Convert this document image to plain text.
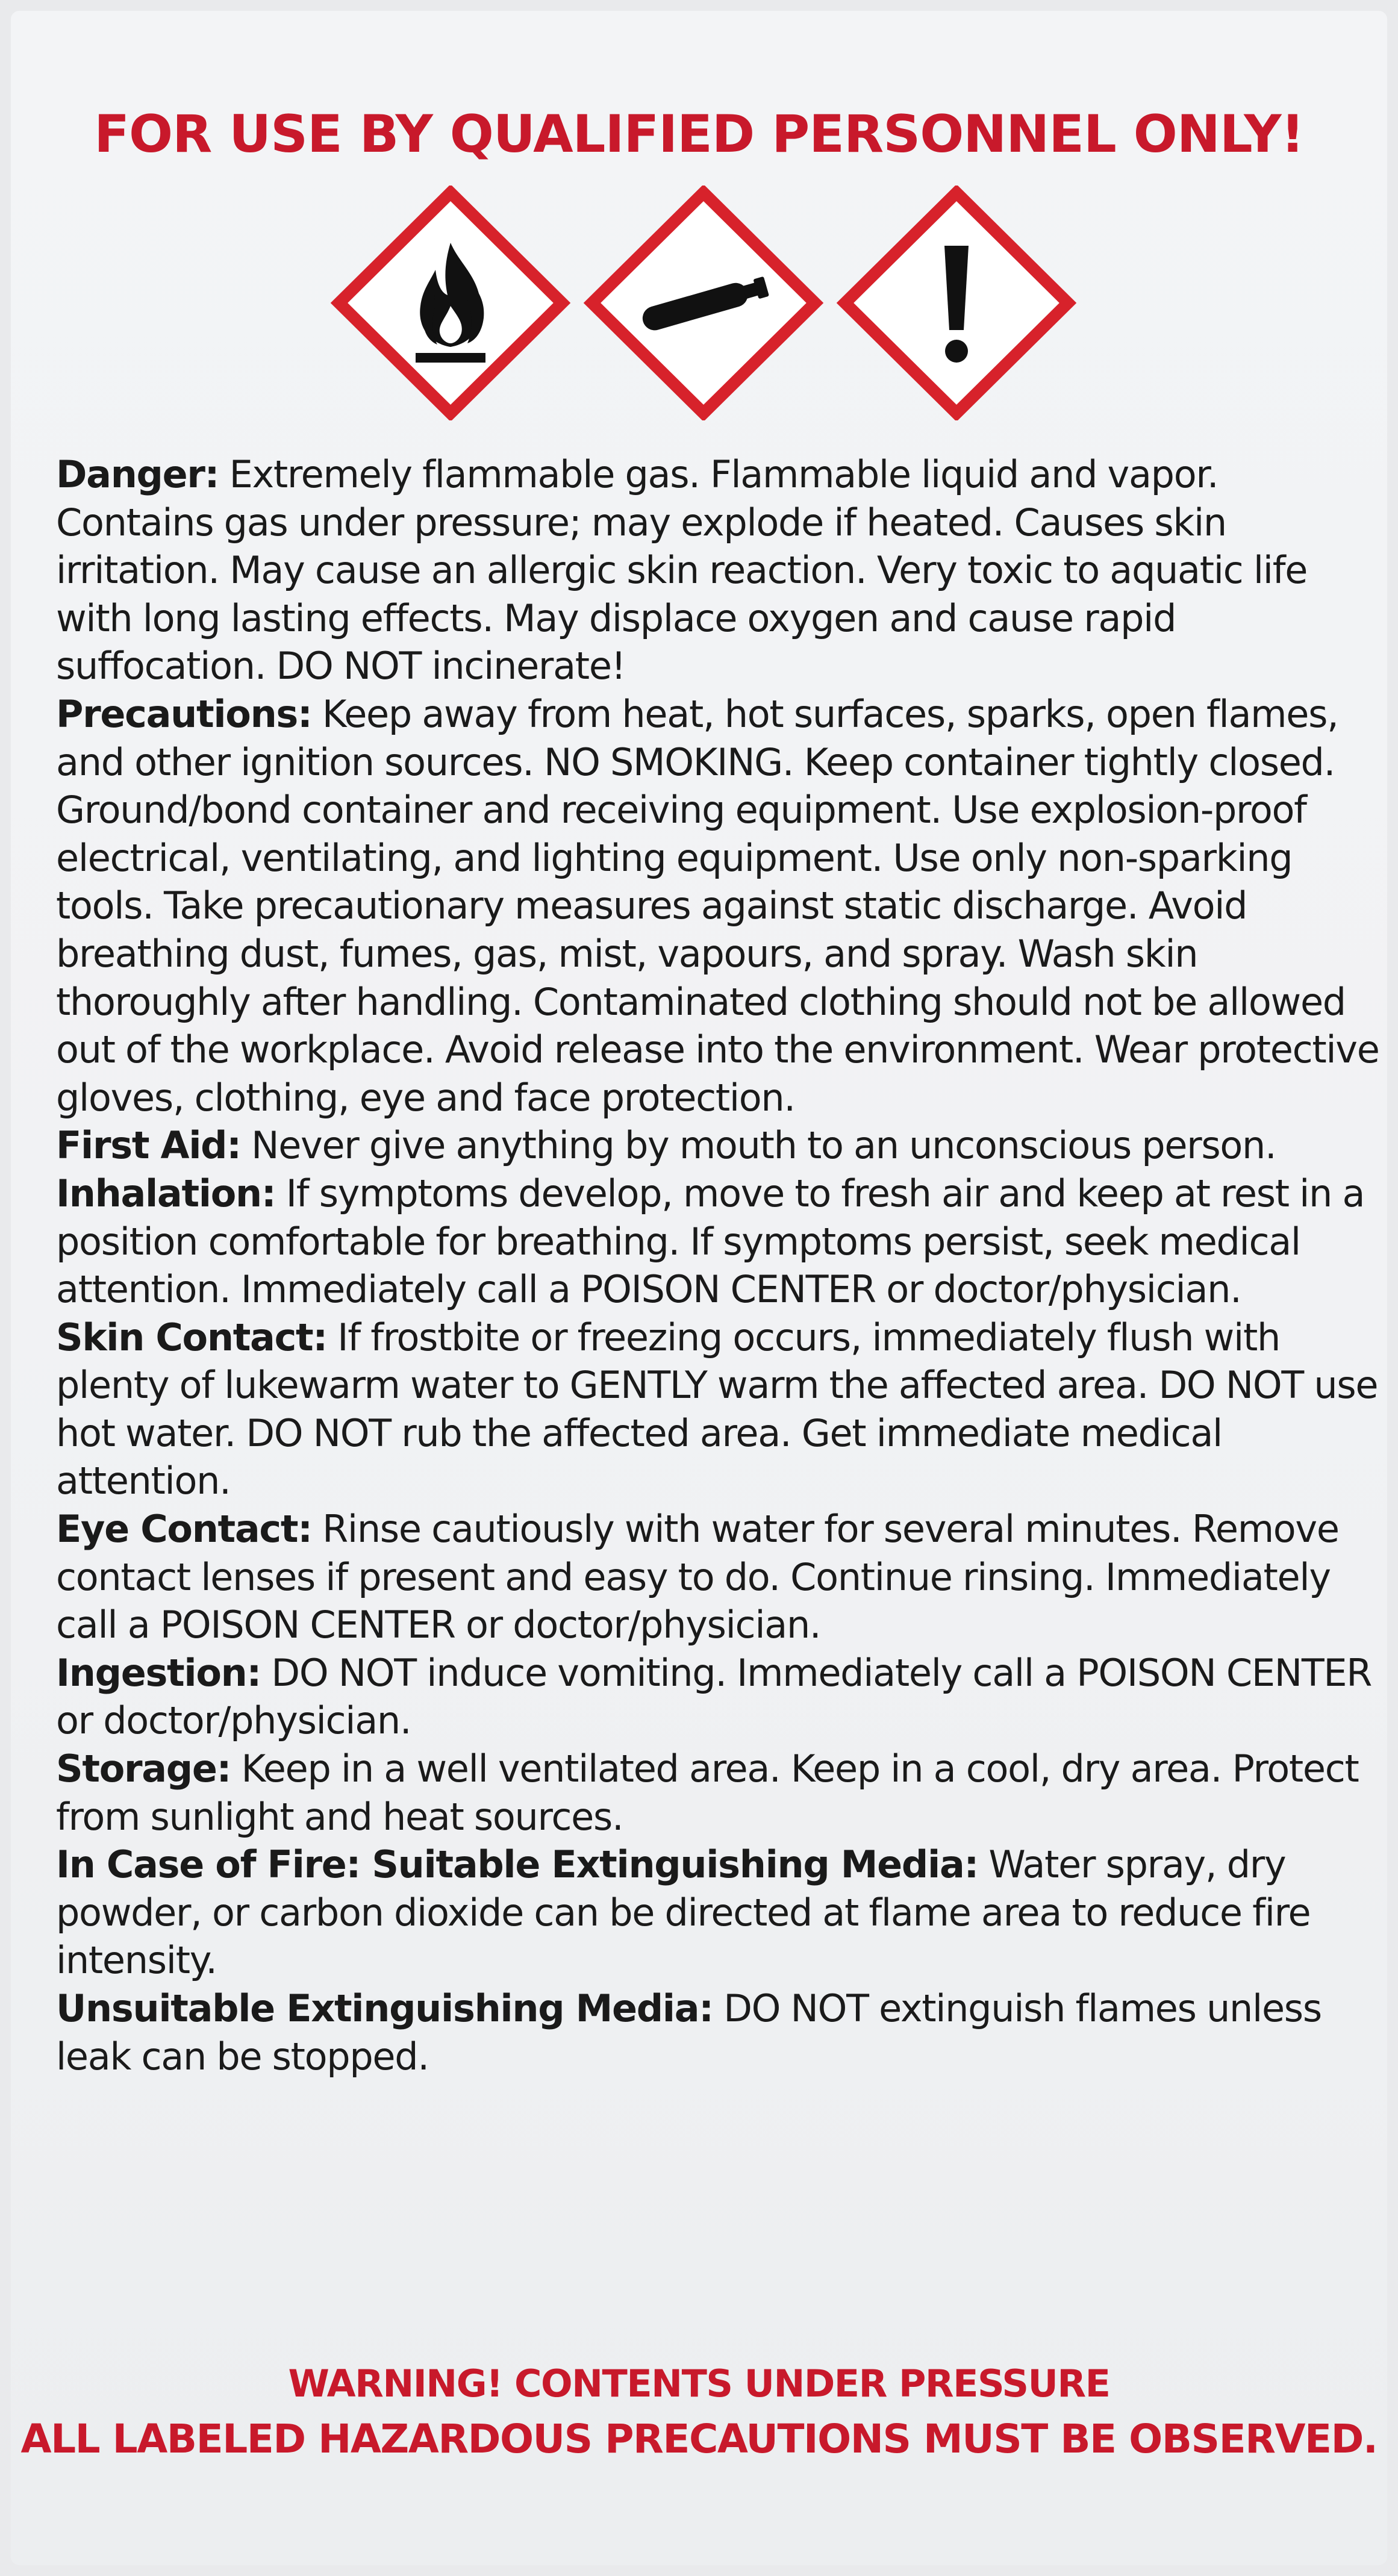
FOR USE BY QUALIFIED PERSONNEL ONLY!

Danger: Extremely flammable gas. Flammable liquid and vapor. Contains gas under pressure; may explode if heated. Causes skin irritation. May cause an allergic skin reaction. Very toxic to aquatic life with long lasting effects. May displace oxygen and cause rapid suffocation. DO NOT incinerate!

Precautions: Keep away from heat, hot surfaces, sparks, open flames, and other ignition sources. NO SMOKING. Keep container tightly closed. Ground/bond container and receiving equipment. Use explosion-proof electrical, ventilating, and lighting equipment. Use only non-sparking tools. Take precautionary measures against static discharge. Avoid breathing dust, fumes, gas, mist, vapours, and spray. Wash skin thoroughly after handling. Contaminated clothing should not be allowed out of the workplace. Avoid release into the environment. Wear protective gloves, clothing, eye and face protection.

First Aid: Never give anything by mouth to an unconscious person.

Inhalation: If symptoms develop, move to fresh air and keep at rest in a position comfortable for breathing. If symptoms persist, seek medical attention. Immediately call a POISON CENTER or doctor/physician.

Skin Contact: If frostbite or freezing occurs, immediately flush with plenty of lukewarm water to GENTLY warm the affected area. DO NOT use hot water. DO NOT rub the affected area. Get immediate medical attention.

Eye Contact: Rinse cautiously with water for several minutes. Remove contact lenses if present and easy to do. Continue rinsing. Immediately call a POISON CENTER or doctor/physician.

Ingestion: DO NOT induce vomiting. Immediately call a POISON CENTER or doctor/physician.

Storage: Keep in a well ventilated area. Keep in a cool, dry area. Protect from sunlight and heat sources.

In Case of Fire: Suitable Extinguishing Media: Water spray, dry powder, or carbon dioxide can be directed at flame area to reduce fire intensity.

Unsuitable Extinguishing Media: DO NOT extinguish flames unless leak can be stopped.

WARNING! CONTENTS UNDER PRESSURE
ALL LABELED HAZARDOUS PRECAUTIONS MUST BE OBSERVED.
